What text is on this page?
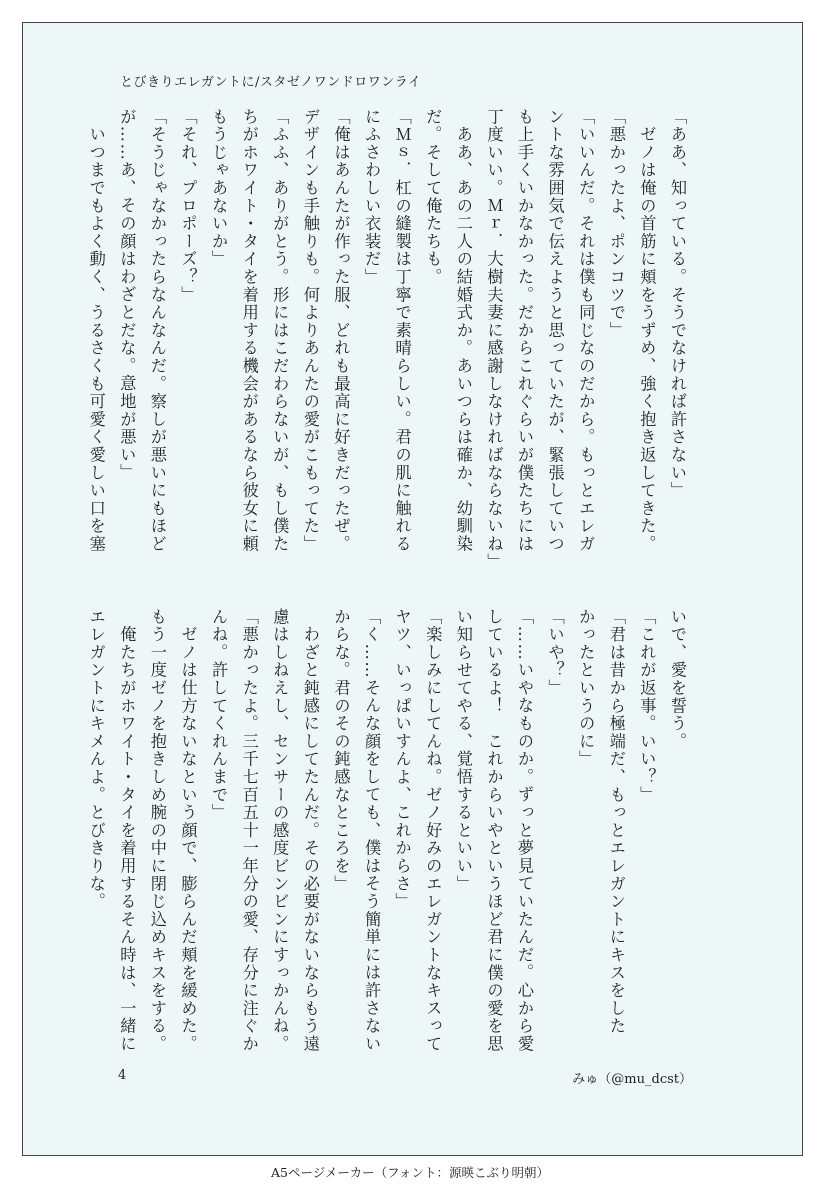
とびきりエレガントに/スタゼノワンドロワンライ

「ああ、知っている。そうでなければ許さない」

　ゼノは俺の首筋に頬をうずめ、強く抱き返してきた。

「悪かったよ、ポンコツで」

「いいんだ。それは僕も同じなのだから。もっとエレガ

ントな雰囲気で伝えようと思っていたが、緊張していつ

も上手くいかなかった。だからこれぐらいが僕たちには

丁度いい。Ｍｒ．大樹夫妻に感謝しなければならないね」

　ああ、あの二人の結婚式か。あいつらは確か、幼馴染

だ。そして俺たちも。

「Ｍｓ．杠の縫製は丁寧で素晴らしい。君の肌に触れる

にふさわしい衣装だ」

「俺はあんたが作った服、どれも最高に好きだったぜ。

デザインも手触りも。何よりあんたの愛がこもってた」

「ふふ、ありがとう。形にはこだわらないが、もし僕た

ちがホワイト・タイを着用する機会があるなら彼女に頼

もうじゃあないか」

「それ、プロポーズ？」

「そうじゃなかったらなんなんだ。察しが悪いにもほど

が……あ、その顔はわざとだな。意地が悪い」

　いつまでもよく動く、うるさくも可愛く愛しい口を塞

いで、愛を誓う。

「これが返事。いい？」

「君は昔から極端だ、もっとエレガントにキスをした

かったというのに」

「いや？」

「……いやなものか。ずっと夢見ていたんだ。心から愛

しているよ！　これからいやというほど君に僕の愛を思

い知らせてやる、覚悟するといい」

「楽しみにしてんね。ゼノ好みのエレガントなキスって

ヤツ、いっぱいすんよ、これからさ」

「く……そんな顔をしても、僕はそう簡単には許さない

からな。君のその鈍感なところを」

　わざと鈍感にしてたんだ。その必要がないならもう遠

慮はしねえし、センサーの感度ビンビンにすっかんね。

「悪かったよ。三千七百五十一年分の愛、存分に注ぐか

んね。許してくれんまで」

　ゼノは仕方ないなという顔で、膨らんだ頬を緩めた。

もう一度ゼノを抱きしめ腕の中に閉じ込めキスをする。

　俺たちがホワイト・タイを着用するそん時は、一緒に

エレガントにキメんよ。とびきりな。

4	みゅ（@mu_dcst）
A5ページメーカー（フォント：源暎こぶり明朝）
